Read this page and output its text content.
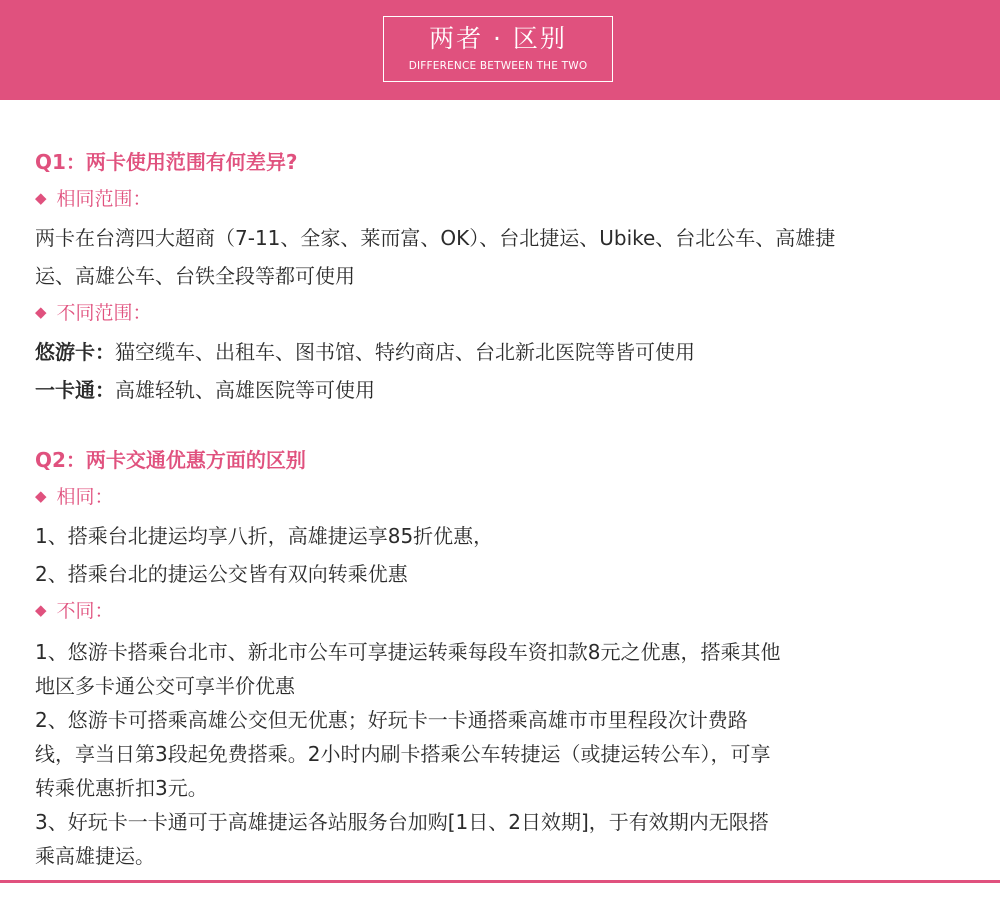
两者 · 区别
DIFFERENCE BETWEEN THE TWO
Q1：两卡使用范围有何差异?
◆ 相同范围：
两卡在台湾四大超商（7-11、全家、莱而富、OK）、台北捷运、Ubike、台北公车、高雄捷
运、高雄公车、台铁全段等都可使用
◆ 不同范围：
悠游卡：猫空缆车、出租车、图书馆、特约商店、台北新北医院等皆可使用
一卡通：高雄轻轨、高雄医院等可使用
Q2：两卡交通优惠方面的区别
◆ 相同：
1、搭乘台北捷运均享八折，高雄捷运享85折优惠，
2、搭乘台北的捷运公交皆有双向转乘优惠
◆ 不同：
1、悠游卡搭乘台北市、新北市公车可享捷运转乘每段车资扣款8元之优惠，搭乘其他
地区多卡通公交可享半价优惠
2、悠游卡可搭乘高雄公交但无优惠；好玩卡一卡通搭乘高雄市市里程段次计费路
线，享当日第3段起免费搭乘。2小时内刷卡搭乘公车转捷运（或捷运转公车），可享
转乘优惠折扣3元。
3、好玩卡一卡通可于高雄捷运各站服务台加购[1日、2日效期]，于有效期内无限搭
乘高雄捷运。
